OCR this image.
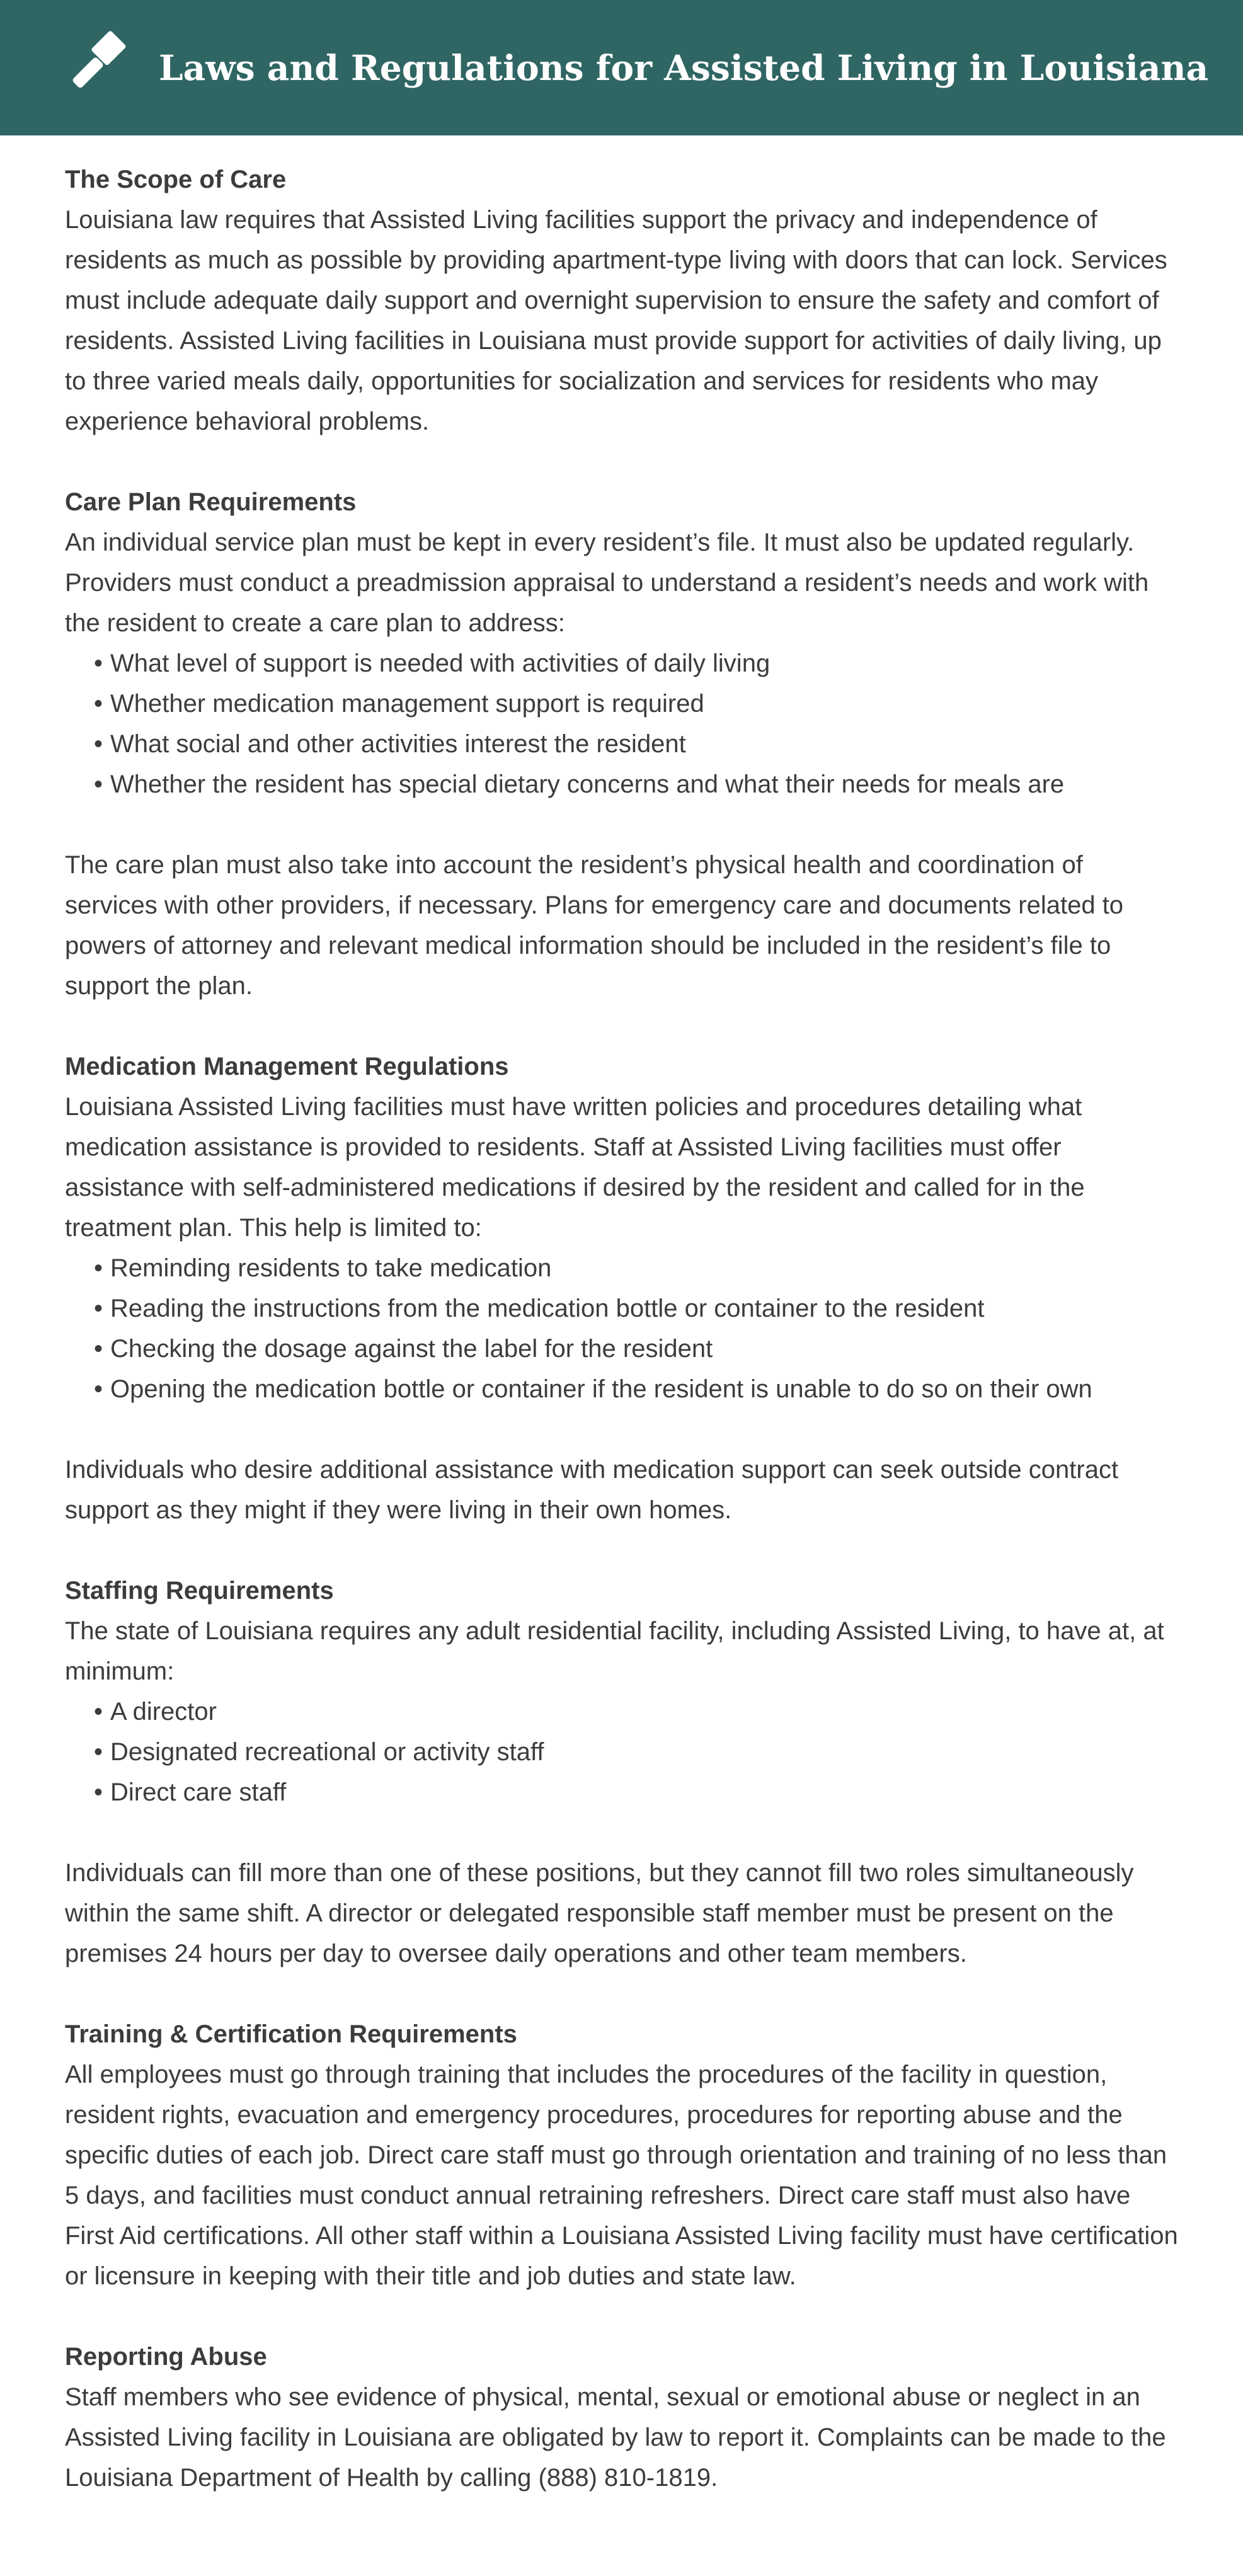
Laws and Regulations for Assisted Living in Louisiana
The Scope of Care

Louisiana law requires that Assisted Living facilities support the privacy and independence of residents as much as possible by providing apartment-type living with doors that can lock. Services must include adequate daily support and overnight supervision to ensure the safety and comfort of residents. Assisted Living facilities in Louisiana must provide support for activities of daily living, up to three varied meals daily, opportunities for socialization and services for residents who may experience behavioral problems.

Care Plan Requirements

An individual service plan must be kept in every resident’s file. It must also be updated regularly. Providers must conduct a preadmission appraisal to understand a resident’s needs and work with the resident to create a care plan to address:

• What level of support is needed with activities of daily living
• Whether medication management support is required
• What social and other activities interest the resident
• Whether the resident has special dietary concerns and what their needs for meals are

The care plan must also take into account the resident’s physical health and coordination of services with other providers, if necessary. Plans for emergency care and documents related to powers of attorney and relevant medical information should be included in the resident’s file to support the plan.

Medication Management Regulations

Louisiana Assisted Living facilities must have written policies and procedures detailing what medication assistance is provided to residents. Staff at Assisted Living facilities must offer assistance with self-administered medications if desired by the resident and called for in the treatment plan. This help is limited to:

• Reminding residents to take medication
• Reading the instructions from the medication bottle or container to the resident
• Checking the dosage against the label for the resident
• Opening the medication bottle or container if the resident is unable to do so on their own

Individuals who desire additional assistance with medication support can seek outside contract support as they might if they were living in their own homes.

Staffing Requirements

The state of Louisiana requires any adult residential facility, including Assisted Living, to have at, at minimum:

• A director
• Designated recreational or activity staff
• Direct care staff

Individuals can fill more than one of these positions, but they cannot fill two roles simultaneously within the same shift. A director or delegated responsible staff member must be present on the premises 24 hours per day to oversee daily operations and other team members.

Training & Certification Requirements

All employees must go through training that includes the procedures of the facility in question, resident rights, evacuation and emergency procedures, procedures for reporting abuse and the specific duties of each job. Direct care staff must go through orientation and training of no less than 5 days, and facilities must conduct annual retraining refreshers. Direct care staff must also have First Aid certifications. All other staff within a Louisiana Assisted Living facility must have certification or licensure in keeping with their title and job duties and state law.

Reporting Abuse

Staff members who see evidence of physical, mental, sexual or emotional abuse or neglect in an Assisted Living facility in Louisiana are obligated by law to report it. Complaints can be made to the Louisiana Department of Health by calling (888) 810-1819.
